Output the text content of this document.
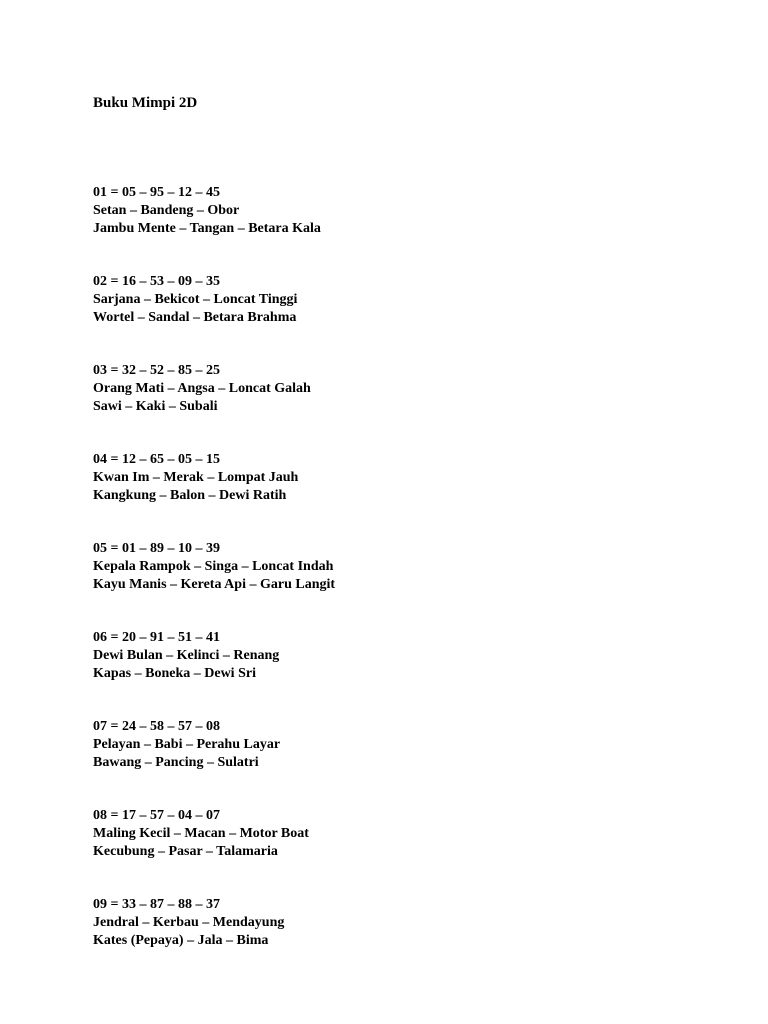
Buku Mimpi 2D
01 = 05 – 95 – 12 – 45
Setan – Bandeng – Obor
Jambu Mente – Tangan – Betara Kala
02 = 16 – 53 – 09 – 35
Sarjana – Bekicot – Loncat Tinggi
Wortel – Sandal – Betara Brahma
03 = 32 – 52 – 85 – 25
Orang Mati – Angsa – Loncat Galah
Sawi – Kaki – Subali
04 = 12 – 65 – 05 – 15
Kwan Im – Merak – Lompat Jauh
Kangkung – Balon – Dewi Ratih
05 = 01 – 89 – 10 – 39
Kepala Rampok – Singa – Loncat Indah
Kayu Manis – Kereta Api – Garu Langit
06 = 20 – 91 – 51 – 41
Dewi Bulan – Kelinci – Renang
Kapas – Boneka – Dewi Sri
07 = 24 – 58 – 57 – 08
Pelayan – Babi – Perahu Layar
Bawang – Pancing – Sulatri
08 = 17 – 57 – 04 – 07
Maling Kecil – Macan – Motor Boat
Kecubung – Pasar – Talamaria
09 = 33 – 87 – 88 – 37
Jendral – Kerbau – Mendayung
Kates (Pepaya) – Jala – Bima
